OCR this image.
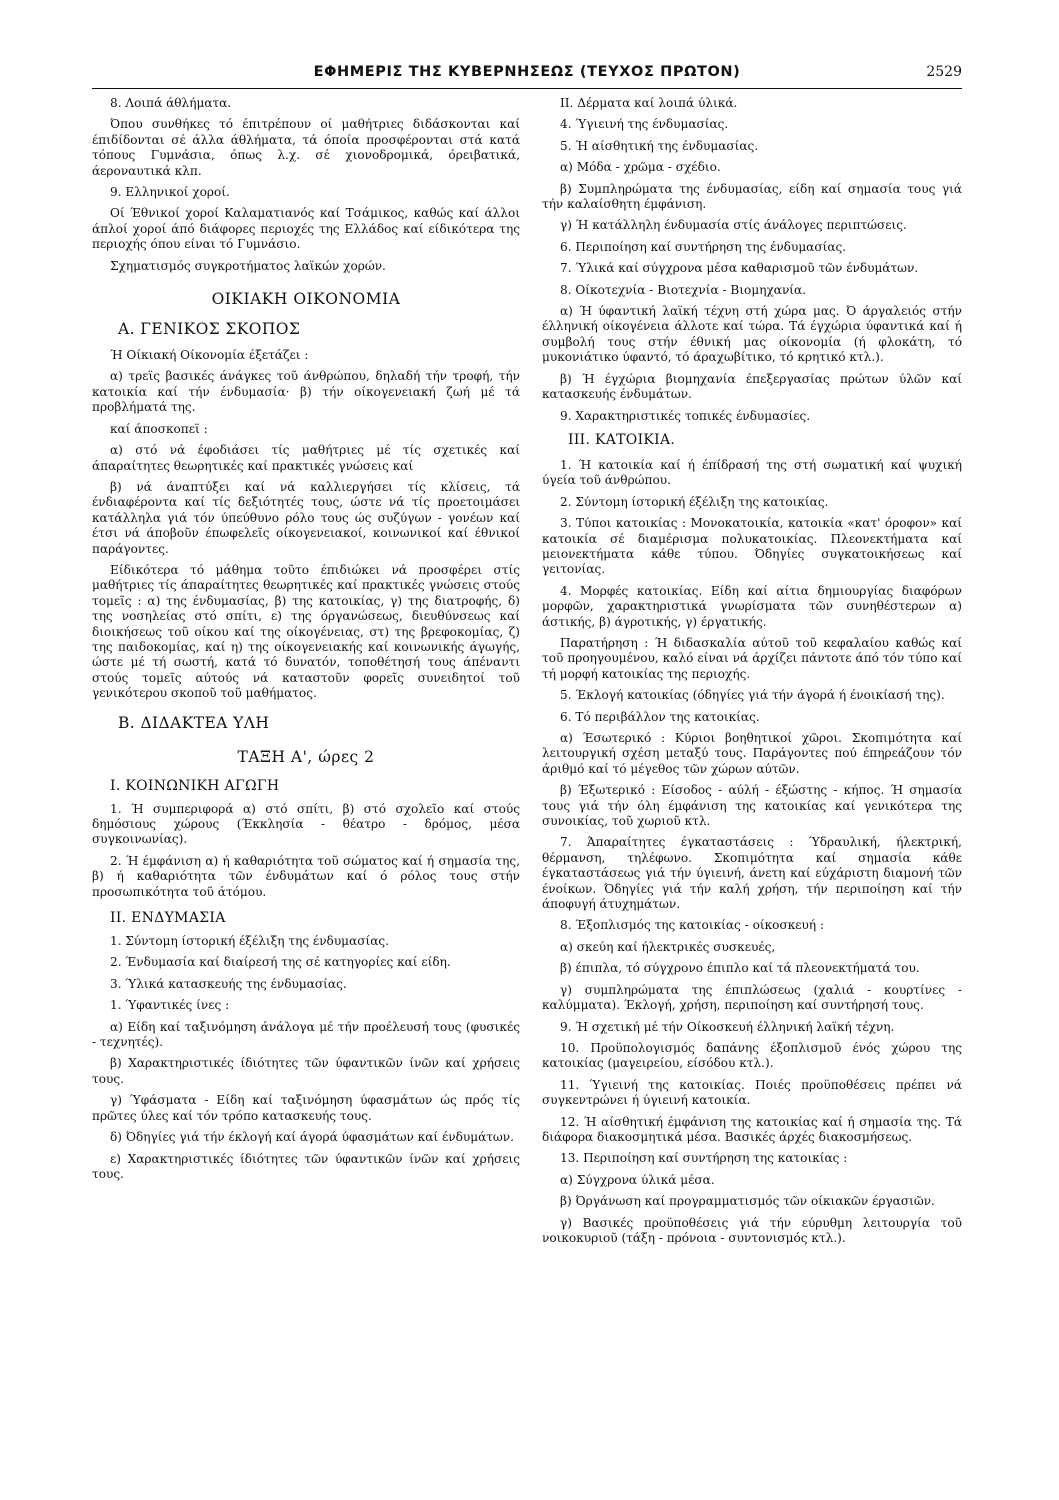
ΕΦΗΜΕΡΙΣ ΤΗΣ ΚΥΒΕΡΝΗΣΕΩΣ (ΤΕΥΧΟΣ ΠΡΩΤΟΝ)	2529

8. Λοιπά άθλήματα.

Όπου συνθήκες τό έπιτρέπουν οί μαθήτριες διδάσκονται καί έπιδίδονται σέ άλλα άθλήματα, τά όποία προσφέρονται στά κατά τόπους Γυμνάσια, όπως λ.χ. σέ χιονοδρομικά, όρειβατικά, άεροναυτικά κλπ.

9. Ελληνικοί χοροί.

Οί Έθνικοί χοροί Καλαματιανός καί Τσάμικος, καθώς καί άλλοι άπλοί χοροί άπό διάφορες περιοχές της Ελλάδος καί είδικότερα της περιοχής όπου είναι τό Γυμνάσιο.

Σχηματισμός συγκροτήματος λαϊκών χορών.

ΟΙΚΙΑΚΗ ΟΙΚΟΝΟΜΙΑ
Α. ΓΕΝΙΚΟΣ ΣΚΟΠΟΣ

Ή Οίκιακή Οίκονομία έξετάζει :

α) τρεϊς βασικές άνάγκες τοῦ άνθρώπου, δηλαδή τήν τροφή, τήν κατοικία καί τήν ένδυμασία· β) τήν οίκογενειακή ζωή μέ τά προβλήματά της.

καί άποσκοπεϊ :

α) στό νά έφοδιάσει τίς μαθήτριες μέ τίς σχετικές καί άπαραίτητες θεωρητικές καί πρακτικές γνώσεις καί

β) νά άναπτύξει καί νά καλλιεργήσει τίς κλίσεις, τά ένδιαφέροντα καί τίς δεξιότητές τους, ώστε νά τίς προετοιμάσει κατάλληλα γιά τόν ύπεύθυνο ρόλο τους ώς συζύγων - γονέων καί έτσι νά άποβοῦν έπωφελεῖς οίκογενειακοί, κοινωνικοί καί έθνικοί παράγοντες.

Είδικότερα τό μάθημα τοῦτο έπιδιώκει νά προσφέρει στίς μαθήτριες τίς άπαραίτητες θεωρητικές καί πρακτικές γνώσεις στούς τομεῖς : α) της ένδυμασίας, β) της κατοικίας, γ) της διατροφής, δ) της νοσηλείας στό σπίτι, ε) της όργανώσεως, διευθύνσεως καί διοικήσεως τοῦ οίκου καί της οίκογένειας, στ) της βρεφοκομίας, ζ) της παιδοκομίας, καί η) της οίκογενειακής καί κοινωνικής άγωγής, ώστε μέ τή σωστή, κατά τό δυνατόν, τοποθέτησή τους άπέναντι στούς τομεῖς αύτούς νά καταστοῦν φορεῖς συνειδητοί τοῦ γενικότερου σκοποῦ τοῦ μαθήματος.

Β. ΔΙΔΑΚΤΕΑ ΥΛΗ
ΤΑΞΗ Α', ώρες 2
Ι. ΚΟΙΝΩΝΙΚΗ ΑΓΩΓΗ

1. Ή συμπεριφορά α) στό σπίτι, β) στό σχολεῖο καί στούς δημόσιους χώρους (Έκκλησία - θέατρο - δρόμος, μέσα συγκοινωνίας).

2. Ή έμφάνιση α) ή καθαριότητα τοῦ σώματος καί ή σημασία της, β) ή καθαριότητα τῶν ένδυμάτων καί ό ρόλος τους στήν προσωπικότητα τοῦ άτόμου.

ΙΙ. ΕΝΔΥΜΑΣΙΑ

1. Σύντομη ίστορική έξέλιξη της ένδυμασίας.

2. Ένδυμασία καί διαίρεσή της σέ κατηγορίες καί είδη.

3. Ύλικά κατασκευής της ένδυμασίας.

1. Ύφαντικές ίνες :

α) Είδη καί ταξινόμηση άνάλογα μέ τήν προέλευσή τους (φυσικές - τεχνητές).

β) Χαρακτηριστικές ίδιότητες τῶν ύφαντικῶν ίνῶν καί χρήσεις τους.

γ) Ύφάσματα - Είδη καί ταξινόμηση ύφασμάτων ώς πρός τίς πρῶτες ύλες καί τόν τρόπο κατασκευής τους.

δ) Όδηγίες γιά τήν έκλογή καί άγορά ύφασμάτων καί ένδυμάτων.

ε) Χαρακτηριστικές ίδιότητες τῶν ύφαντικῶν ίνῶν καί χρήσεις τους.

ΙΙ. Δέρματα καί λοιπά ύλικά.

4. Ύγιεινή της ένδυμασίας.

5. Ή αίσθητική της ένδυμασίας.

α) Μόδα - χρῶμα - σχέδιο.

β) Συμπληρώματα της ένδυμασίας, είδη καί σημασία τους γιά τήν καλαίσθητη έμφάνιση.

γ) Ή κατάλληλη ένδυμασία στίς άνάλογες περιπτώσεις.

6. Περιποίηση καί συντήρηση της ένδυμασίας.

7. Ύλικά καί σύγχρονα μέσα καθαρισμοῦ τῶν ένδυμάτων.

8. Οίκοτεχνία - Βιοτεχνία - Βιομηχανία.

α) Ή ύφαντική λαϊκή τέχνη στή χώρα μας. Ό άργαλειός στήν έλληνική οίκογένεια άλλοτε καί τώρα. Τά έγχώρια ύφαντικά καί ή συμβολή τους στήν έθνική μας οίκονομία (ή φλοκάτη, τό μυκονιάτικο ύφαντό, τό άραχωβίτικο, τό κρητικό κτλ.).

β) Ή έγχώρια βιομηχανία έπεξεργασίας πρώτων ύλῶν καί κατασκευής ένδυμάτων.

9. Χαρακτηριστικές τοπικές ένδυμασίες.

ΙΙΙ. ΚΑΤΟΙΚΙΑ.

1. Ή κατοικία καί ή έπίδρασή της στή σωματική καί ψυχική ύγεία τοῦ άνθρώπου.

2. Σύντομη ίστορική έξέλιξη της κατοικίας.

3. Τύποι κατοικίας : Μονοκατοικία, κατοικία «κατ' όροφον» καί κατοικία σέ διαμέρισμα πολυκατοικίας. Πλεονεκτήματα καί μειονεκτήματα κάθε τύπου. Όδηγίες συγκατοικήσεως καί γειτονίας.

4. Μορφές κατοικίας. Είδη καί αίτια δημιουργίας διαφόρων μορφῶν, χαρακτηριστικά γνωρίσματα τῶν συνηθέστερων α) άστικής, β) άγροτικής, γ) έργατικής.

Παρατήρηση : Ή διδασκαλία αύτοῦ τοῦ κεφαλαίου καθώς καί τοῦ προηγουμένου, καλό είναι νά άρχίζει πάντοτε άπό τόν τύπο καί τή μορφή κατοικίας της περιοχής.

5. Έκλογή κατοικίας (όδηγίες γιά τήν άγορά ή ένοικίασή της).

6. Τό περιβάλλον της κατοικίας.

α) Έσωτερικό : Κύριοι βοηθητικοί χῶροι. Σκοπιμότητα καί λειτουργική σχέση μεταξύ τους. Παράγοντες πού έπηρεάζουν τόν άριθμό καί τό μέγεθος τῶν χώρων αύτῶν.

β) Έξωτερικό : Είσοδος - αύλή - έξώστης - κήπος. Ή σημασία τους γιά τήν όλη έμφάνιση της κατοικίας καί γενικότερα της συνοικίας, τοῦ χωριοῦ κτλ.

7. Άπαραίτητες έγκαταστάσεις : Ύδραυλική, ήλεκτρική, θέρμανση, τηλέφωνο. Σκοπιμότητα καί σημασία κάθε έγκαταστάσεως γιά τήν ύγιεινή, άνετη καί εύχάριστη διαμονή τῶν ένοίκων. Όδηγίες γιά τήν καλή χρήση, τήν περιποίηση καί τήν άποφυγή άτυχημάτων.

8. Έξοπλισμός της κατοικίας - οίκοσκευή :

α) σκεύη καί ήλεκτρικές συσκευές,

β) έπιπλα, τό σύγχρονο έπιπλο καί τά πλεονεκτήματά του.

γ) συμπληρώματα της έπιπλώσεως (χαλιά - κουρτίνες - καλύμματα). Έκλογή, χρήση, περιποίηση καί συντήρησή τους.

9. Ή σχετική μέ τήν Οίκοσκευή έλληνική λαϊκή τέχνη.

10. Προϋπολογισμός δαπάνης έξοπλισμοῦ ένός χώρου της κατοικίας (μαγειρείου, είσόδου κτλ.).

11. Ύγιεινή της κατοικίας. Ποιές προϋποθέσεις πρέπει νά συγκεντρώνει ή ύγιεινή κατοικία.

12. Ή αίσθητική έμφάνιση της κατοικίας καί ή σημασία της. Τά διάφορα διακοσμητικά μέσα. Βασικές άρχές διακοσμήσεως.

13. Περιποίηση καί συντήρηση της κατοικίας :

α) Σύγχρονα ύλικά μέσα.

β) Όργάνωση καί προγραμματισμός τῶν οίκιακῶν έργασιῶν.

γ) Βασικές προϋποθέσεις γιά τήν εύρυθμη λειτουργία τοῦ νοικοκυριοῦ (τάξη - πρόνοια - συντονισμός κτλ.).
